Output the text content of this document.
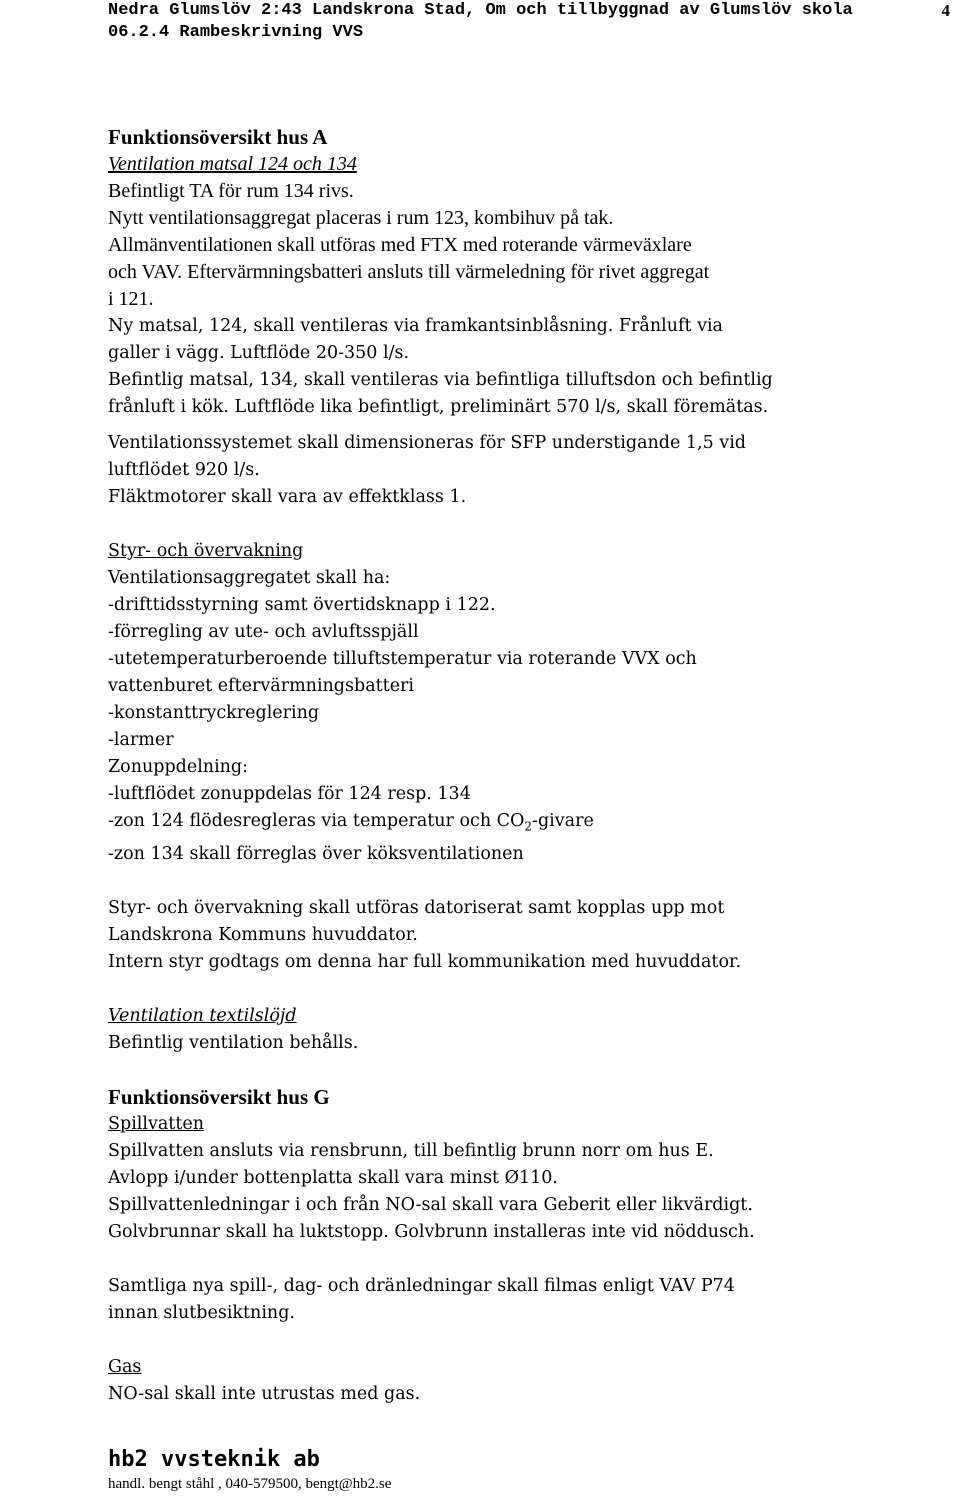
Nedra Glumslöv 2:43 Landskrona Stad, Om och tillbyggnad av Glumslöv skola
06.2.4 Rambeskrivning VVS
4
Funktionsöversikt hus A
Ventilation matsal 124 och 134
Befintligt TA för rum 134 rivs.
Nytt ventilationsaggregat placeras i rum 123, kombihuv på tak.
Allmänventilationen skall utföras med FTX med roterande värmeväxlare
och VAV. Eftervärmningsbatteri ansluts till värmeledning för rivet aggregat
i 121.
Ny matsal, 124, skall ventileras via framkantsinblåsning. Frånluft via
galler i vägg. Luftflöde 20-350 l/s.
Befintlig matsal, 134, skall ventileras via befintliga tilluftsdon och befintlig
frånluft i kök. Luftflöde lika befintligt, preliminärt 570 l/s, skall föremätas.
Ventilationssystemet skall dimensioneras för SFP understigande 1,5 vid
luftflödet 920 l/s.
Fläktmotorer skall vara av effektklass 1.
Styr- och övervakning
Ventilationsaggregatet skall ha:
-drifttidsstyrning samt övertidsknapp i 122.
-förregling av ute- och avluftsspjäll
-utetemperaturberoende tilluftstemperatur via roterande VVX och
vattenburet eftervärmningsbatteri
-konstanttryckreglering
-larmer
Zonuppdelning:
-luftflödet zonuppdelas för 124 resp. 134
-zon 124 flödesregleras via temperatur och $CO_2$-givare
-zon 134 skall förreglas över köksventilationen
Styr- och övervakning skall utföras datoriserat samt kopplas upp mot
Landskrona Kommuns huvuddator.
Intern styr godtags om denna har full kommunikation med huvuddator.
Ventilation textilslöjd
Befintlig ventilation behålls.
Funktionsöversikt hus G
Spillvatten
Spillvatten ansluts via rensbrunn, till befintlig brunn norr om hus E.
Avlopp i/under bottenplatta skall vara minst Ø110.
Spillvattenledningar i och från NO-sal skall vara Geberit eller likvärdigt.
Golvbrunnar skall ha luktstopp. Golvbrunn installeras inte vid nöddusch.
Samtliga nya spill-, dag- och dränledningar skall filmas enligt VAV P74
innan slutbesiktning.
Gas
NO-sal skall inte utrustas med gas.
hb2 vvsteknik ab
handl. bengt ståhl , 040-579500, bengt@hb2.se
